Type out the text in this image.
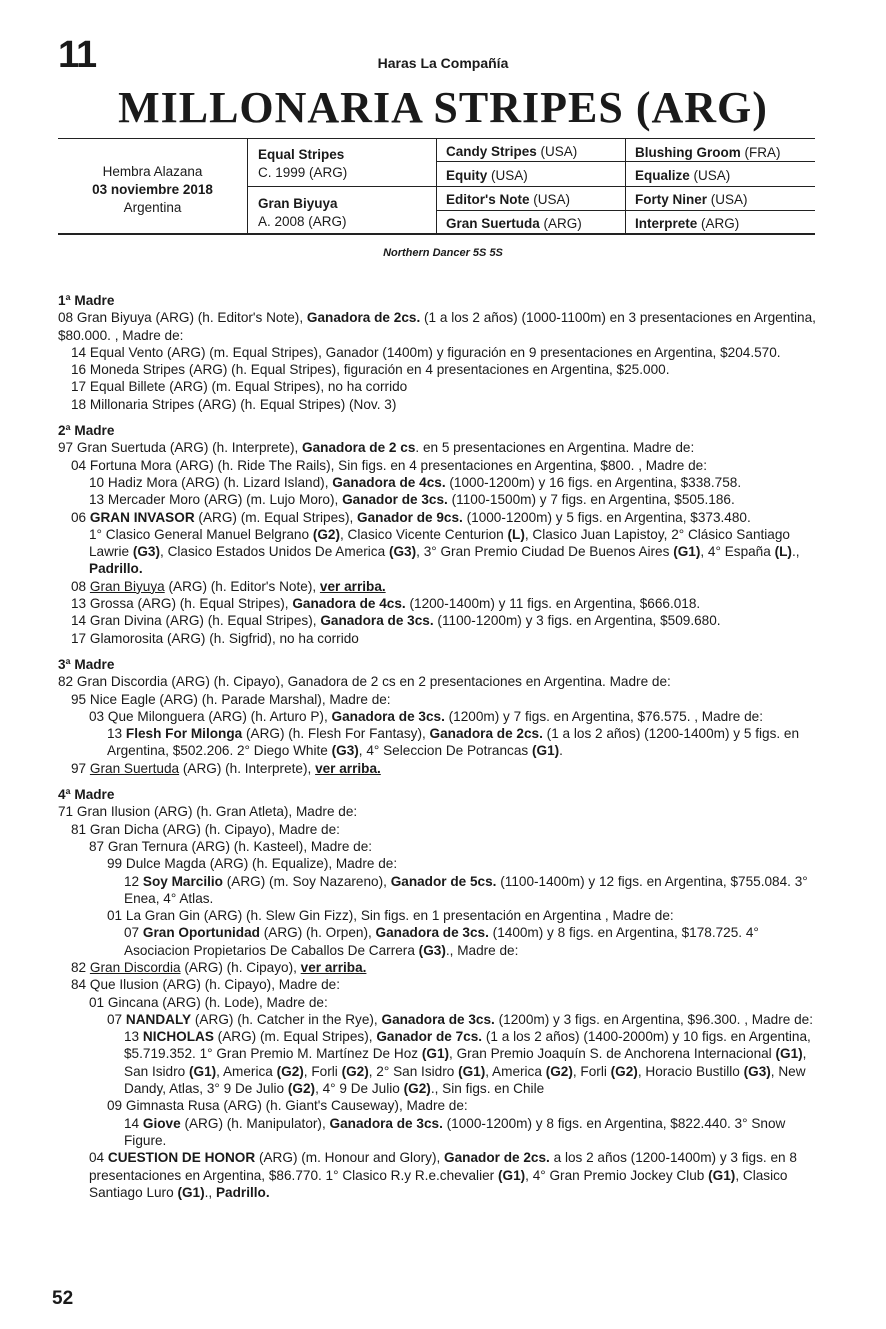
11	Haras La Compañía
MILLONARIA STRIPES (ARG)
Hembra Alazana
03 noviembre 2018
Argentina
Equal Stripes
C. 1999 (ARG)
Gran Biyuya
A. 2008 (ARG)
Candy Stripes (USA)
Equity (USA)
Editor's Note (USA)
Gran Suertuda (ARG)
Blushing Groom (FRA)
Equalize (USA)
Forty Niner (USA)
Interprete (ARG)
Northern Dancer 5S 5S
1ª Madre
08 Gran Biyuya (ARG) (h. Editor's Note), Ganadora de 2cs. (1 a los 2 años) (1000-1100m) en 3 presentaciones en Argentina, $80.000. , Madre de:
14 Equal Vento (ARG) (m. Equal Stripes), Ganador (1400m) y figuración en 9 presentaciones en Argentina, $204.570.
16 Moneda Stripes (ARG) (h. Equal Stripes), figuración en 4 presentaciones en Argentina, $25.000.
17 Equal Billete (ARG) (m. Equal Stripes), no ha corrido
18 Millonaria Stripes (ARG) (h. Equal Stripes) (Nov. 3)
2ª Madre
97 Gran Suertuda (ARG) (h. Interprete), Ganadora de 2 cs. en 5 presentaciones en Argentina. Madre de:
04 Fortuna Mora (ARG) (h. Ride The Rails), Sin figs. en 4 presentaciones en Argentina, $800. , Madre de:
10 Hadiz Mora (ARG) (h. Lizard Island), Ganadora de 4cs. (1000-1200m) y 16 figs. en Argentina, $338.758.
13 Mercader Moro (ARG) (m. Lujo Moro), Ganador de 3cs. (1100-1500m) y 7 figs. en Argentina, $505.186.
06 GRAN INVASOR (ARG) (m. Equal Stripes), Ganador de 9cs. (1000-1200m) y 5 figs. en Argentina, $373.480.
1° Clasico General Manuel Belgrano (G2), Clasico Vicente Centurion (L), Clasico Juan Lapistoy, 2° Clásico Santiago Lawrie (G3), Clasico Estados Unidos De America (G3), 3° Gran Premio Ciudad De Buenos Aires (G1), 4° España (L)., Padrillo.
08 Gran Biyuya (ARG) (h. Editor's Note), ver arriba.
13 Grossa (ARG) (h. Equal Stripes), Ganadora de 4cs. (1200-1400m) y 11 figs. en Argentina, $666.018.
14 Gran Divina (ARG) (h. Equal Stripes), Ganadora de 3cs. (1100-1200m) y 3 figs. en Argentina, $509.680.
17 Glamorosita (ARG) (h. Sigfrid), no ha corrido
3ª Madre
82 Gran Discordia (ARG) (h. Cipayo), Ganadora de 2 cs en 2 presentaciones en Argentina. Madre de:
95 Nice Eagle (ARG) (h. Parade Marshal), Madre de:
03 Que Milonguera (ARG) (h. Arturo P), Ganadora de 3cs. (1200m) y 7 figs. en Argentina, $76.575. , Madre de:
13 Flesh For Milonga (ARG) (h. Flesh For Fantasy), Ganadora de 2cs. (1 a los 2 años) (1200-1400m) y 5 figs. en Argentina, $502.206. 2° Diego White (G3), 4° Seleccion De Potrancas (G1).
97 Gran Suertuda (ARG) (h. Interprete), ver arriba.
4ª Madre
71 Gran Ilusion (ARG) (h. Gran Atleta), Madre de:
81 Gran Dicha (ARG) (h. Cipayo), Madre de:
87 Gran Ternura (ARG) (h. Kasteel), Madre de:
99 Dulce Magda (ARG) (h. Equalize), Madre de:
12 Soy Marcilio (ARG) (m. Soy Nazareno), Ganador de 5cs. (1100-1400m) y 12 figs. en Argentina, $755.084. 3° Enea, 4° Atlas.
01 La Gran Gin (ARG) (h. Slew Gin Fizz), Sin figs. en 1 presentación en Argentina , Madre de:
07 Gran Oportunidad (ARG) (h. Orpen), Ganadora de 3cs. (1400m) y 8 figs. en Argentina, $178.725. 4° Asociacion Propietarios De Caballos De Carrera (G3)., Madre de:
82 Gran Discordia (ARG) (h. Cipayo), ver arriba.
84 Que Ilusion (ARG) (h. Cipayo), Madre de:
01 Gincana (ARG) (h. Lode), Madre de:
07 NANDALY (ARG) (h. Catcher in the Rye), Ganadora de 3cs. (1200m) y 3 figs. en Argentina, $96.300. , Madre de:
13 NICHOLAS (ARG) (m. Equal Stripes), Ganador de 7cs. (1 a los 2 años) (1400-2000m) y 10 figs. en Argentina, $5.719.352. 1° Gran Premio M. Martínez De Hoz (G1), Gran Premio Joaquín S. de Anchorena Internacional (G1), San Isidro (G1), America (G2), Forli (G2), 2° San Isidro (G1), America (G2), Forli (G2), Horacio Bustillo (G3), New Dandy, Atlas, 3° 9 De Julio (G2), 4° 9 De Julio (G2)., Sin figs. en Chile
09 Gimnasta Rusa (ARG) (h. Giant's Causeway), Madre de:
14 Giove (ARG) (h. Manipulator), Ganadora de 3cs. (1000-1200m) y 8 figs. en Argentina, $822.440. 3° Snow Figure.
04 CUESTION DE HONOR (ARG) (m. Honour and Glory), Ganador de 2cs. a los 2 años (1200-1400m) y 3 figs. en 8 presentaciones en Argentina, $86.770. 1° Clasico R.y R.e.chevalier (G1), 4° Gran Premio Jockey Club (G1), Clasico Santiago Luro (G1)., Padrillo.
52
